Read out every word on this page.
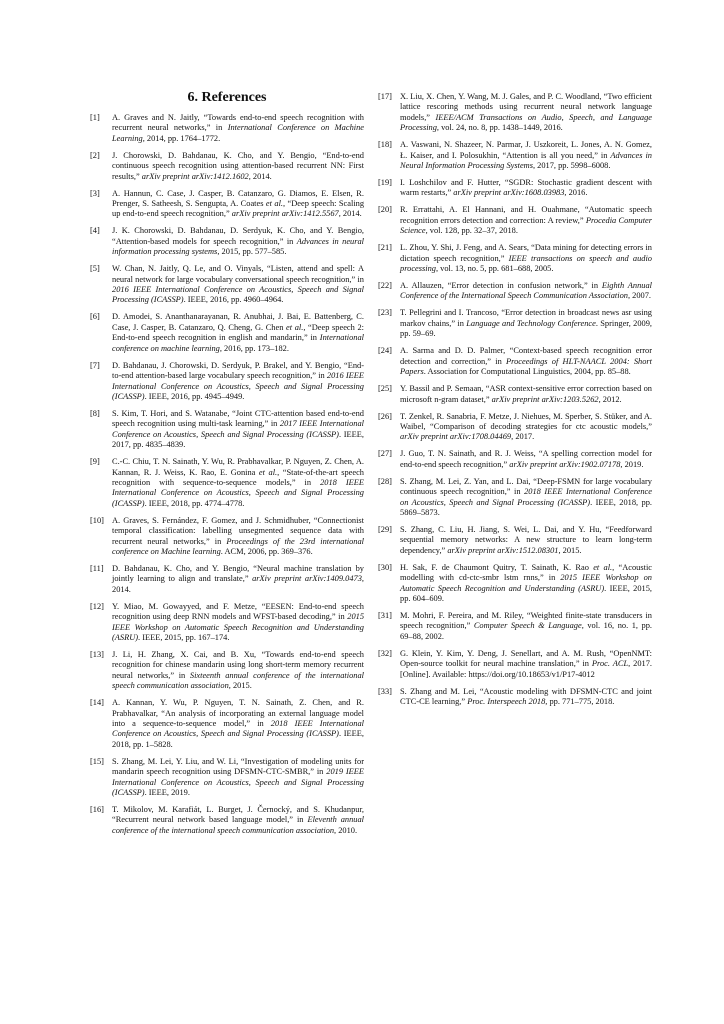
6. References
[1]	A. Graves and N. Jaitly, “Towards end-to-end speech recognition with recurrent neural networks,” in International Conference on Machine Learning, 2014, pp. 1764–1772.
[2]	J. Chorowski, D. Bahdanau, K. Cho, and Y. Bengio, “End-to-end continuous speech recognition using attention-based recurrent NN: First results,” arXiv preprint arXiv:1412.1602, 2014.
[3]	A. Hannun, C. Case, J. Casper, B. Catanzaro, G. Diamos, E. Elsen, R. Prenger, S. Satheesh, S. Sengupta, A. Coates et al., “Deep speech: Scaling up end-to-end speech recognition,” arXiv preprint arXiv:1412.5567, 2014.
[4]	J. K. Chorowski, D. Bahdanau, D. Serdyuk, K. Cho, and Y. Bengio, “Attention-based models for speech recognition,” in Advances in neural information processing systems, 2015, pp. 577–585.
[5]	W. Chan, N. Jaitly, Q. Le, and O. Vinyals, “Listen, attend and spell: A neural network for large vocabulary conversational speech recognition,” in 2016 IEEE International Conference on Acoustics, Speech and Signal Processing (ICASSP). IEEE, 2016, pp. 4960–4964.
[6]	D. Amodei, S. Ananthanarayanan, R. Anubhai, J. Bai, E. Battenberg, C. Case, J. Casper, B. Catanzaro, Q. Cheng, G. Chen et al., “Deep speech 2: End-to-end speech recognition in english and mandarin,” in International conference on machine learning, 2016, pp. 173–182.
[7]	D. Bahdanau, J. Chorowski, D. Serdyuk, P. Brakel, and Y. Bengio, “End-to-end attention-based large vocabulary speech recognition,” in 2016 IEEE International Conference on Acoustics, Speech and Signal Processing (ICASSP). IEEE, 2016, pp. 4945–4949.
[8]	S. Kim, T. Hori, and S. Watanabe, “Joint CTC-attention based end-to-end speech recognition using multi-task learning,” in 2017 IEEE International Conference on Acoustics, Speech and Signal Processing (ICASSP). IEEE, 2017, pp. 4835–4839.
[9]	C.-C. Chiu, T. N. Sainath, Y. Wu, R. Prabhavalkar, P. Nguyen, Z. Chen, A. Kannan, R. J. Weiss, K. Rao, E. Gonina et al., “State-of-the-art speech recognition with sequence-to-sequence models,” in 2018 IEEE International Conference on Acoustics, Speech and Signal Processing (ICASSP). IEEE, 2018, pp. 4774–4778.
[10] A. Graves, S. Fernández, F. Gomez, and J. Schmidhuber, “Connectionist temporal classification: labelling unsegmented sequence data with recurrent neural networks,” in Proceedings of the 23rd international conference on Machine learning. ACM, 2006, pp. 369–376.
[11] D. Bahdanau, K. Cho, and Y. Bengio, “Neural machine translation by jointly learning to align and translate,” arXiv preprint arXiv:1409.0473, 2014.
[12] Y. Miao, M. Gowayyed, and F. Metze, “EESEN: End-to-end speech recognition using deep RNN models and WFST-based decoding,” in 2015 IEEE Workshop on Automatic Speech Recognition and Understanding (ASRU). IEEE, 2015, pp. 167–174.
[13] J. Li, H. Zhang, X. Cai, and B. Xu, “Towards end-to-end speech recognition for chinese mandarin using long short-term memory recurrent neural networks,” in Sixteenth annual conference of the international speech communication association, 2015.
[14] A. Kannan, Y. Wu, P. Nguyen, T. N. Sainath, Z. Chen, and R. Prabhavalkar, “An analysis of incorporating an external language model into a sequence-to-sequence model,” in 2018 IEEE International Conference on Acoustics, Speech and Signal Processing (ICASSP). IEEE, 2018, pp. 1–5828.
[15] S. Zhang, M. Lei, Y. Liu, and W. Li, “Investigation of modeling units for mandarin speech recognition using DFSMN-CTC-SMBR,” in 2019 IEEE International Conference on Acoustics, Speech and Signal Processing (ICASSP). IEEE, 2019.
[16] T. Mikolov, M. Karafiát, L. Burget, J. Černocký, and S. Khudanpur, “Recurrent neural network based language model,” in Eleventh annual conference of the international speech communication association, 2010.
[17] X. Liu, X. Chen, Y. Wang, M. J. Gales, and P. C. Woodland, “Two efficient lattice rescoring methods using recurrent neural network language models,” IEEE/ACM Transactions on Audio, Speech, and Language Processing, vol. 24, no. 8, pp. 1438–1449, 2016.
[18] A. Vaswani, N. Shazeer, N. Parmar, J. Uszkoreit, L. Jones, A. N. Gomez, Ł. Kaiser, and I. Polosukhin, “Attention is all you need,” in Advances in Neural Information Processing Systems, 2017, pp. 5998–6008.
[19] I. Loshchilov and F. Hutter, “SGDR: Stochastic gradient descent with warm restarts,” arXiv preprint arXiv:1608.03983, 2016.
[20] R. Errattahi, A. El Hannani, and H. Ouahmane, “Automatic speech recognition errors detection and correction: A review,” Procedia Computer Science, vol. 128, pp. 32–37, 2018.
[21] L. Zhou, Y. Shi, J. Feng, and A. Sears, “Data mining for detecting errors in dictation speech recognition,” IEEE transactions on speech and audio processing, vol. 13, no. 5, pp. 681–688, 2005.
[22] A. Allauzen, “Error detection in confusion network,” in Eighth Annual Conference of the International Speech Communication Association, 2007.
[23] T. Pellegrini and I. Trancoso, “Error detection in broadcast news asr using markov chains,” in Language and Technology Conference. Springer, 2009, pp. 59–69.
[24] A. Sarma and D. D. Palmer, “Context-based speech recognition error detection and correction,” in Proceedings of HLT-NAACL 2004: Short Papers. Association for Computational Linguistics, 2004, pp. 85–88.
[25] Y. Bassil and P. Semaan, “ASR context-sensitive error correction based on microsoft n-gram dataset,” arXiv preprint arXiv:1203.5262, 2012.
[26] T. Zenkel, R. Sanabria, F. Metze, J. Niehues, M. Sperber, S. Stüker, and A. Waibel, “Comparison of decoding strategies for ctc acoustic models,” arXiv preprint arXiv:1708.04469, 2017.
[27] J. Guo, T. N. Sainath, and R. J. Weiss, “A spelling correction model for end-to-end speech recognition,” arXiv preprint arXiv:1902.07178, 2019.
[28] S. Zhang, M. Lei, Z. Yan, and L. Dai, “Deep-FSMN for large vocabulary continuous speech recognition,” in 2018 IEEE International Conference on Acoustics, Speech and Signal Processing (ICASSP). IEEE, 2018, pp. 5869–5873.
[29] S. Zhang, C. Liu, H. Jiang, S. Wei, L. Dai, and Y. Hu, “Feedforward sequential memory networks: A new structure to learn long-term dependency,” arXiv preprint arXiv:1512.08301, 2015.
[30] H. Sak, F. de Chaumont Quitry, T. Sainath, K. Rao et al., “Acoustic modelling with cd-ctc-smbr lstm rnns,” in 2015 IEEE Workshop on Automatic Speech Recognition and Understanding (ASRU). IEEE, 2015, pp. 604–609.
[31] M. Mohri, F. Pereira, and M. Riley, “Weighted finite-state transducers in speech recognition,” Computer Speech & Language, vol. 16, no. 1, pp. 69–88, 2002.
[32] G. Klein, Y. Kim, Y. Deng, J. Senellart, and A. M. Rush, “OpenNMT: Open-source toolkit for neural machine translation,” in Proc. ACL, 2017. [Online]. Available: https://doi.org/10.18653/v1/P17-4012
[33] S. Zhang and M. Lei, “Acoustic modeling with DFSMN-CTC and joint CTC-CE learning,” Proc. Interspeech 2018, pp. 771–775, 2018.
